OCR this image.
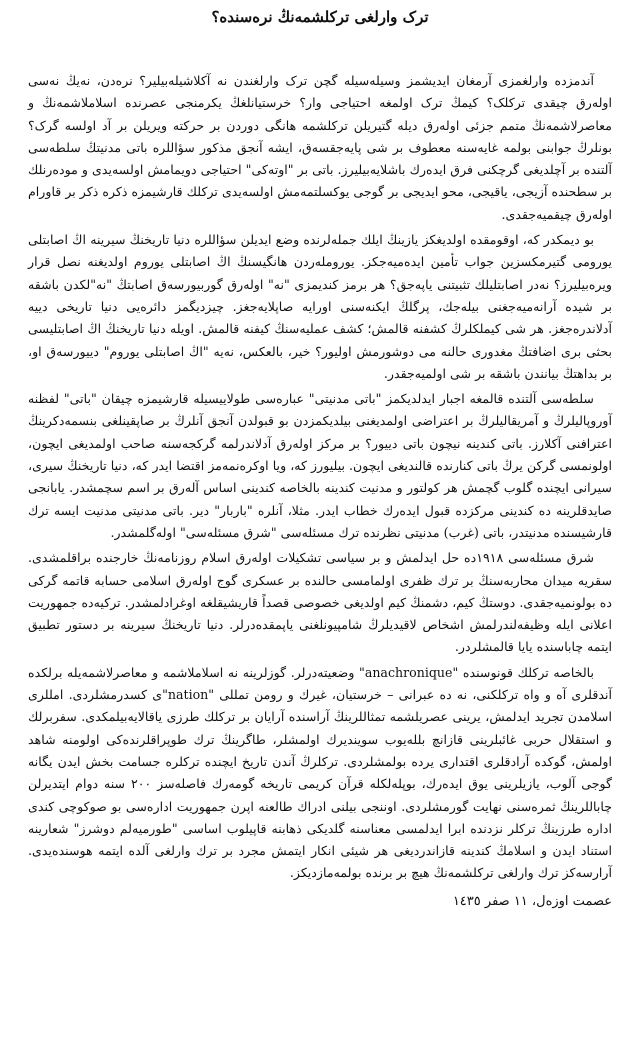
ترک وارلغی ترکلشمه‌نڭ نره‌سنده؟

آندمزده وارلغمزی آرمغان ایدیشمز وسیله‌سیله گچن ترک وارلغندن نه آکلاشیله‌بیلیر؟ نره‌دن، نه‌یڭ نه‌سی اولەرق چیقدی ترکلک؟ کیمڭ ترک اولمغه احتیاجی وار؟ خرستیانلغڭ یکرمنجی عصرنده اسلاملاشمه‌نڭ و معاصرلاشمه‌نڭ متمم جزئی اولەرق دیله گتیریلن ترکلشمه هانگی دوردن بر حرکته ویریلن بر آد اولسه گرک؟ بونلرڭ جوابنی بولمه غایه‌سنه معطوف بر شی پایه‌جقسەق، ایشه آنجق مذکور سؤاللره باتی مدنیتڭ سلطه‌سی آلتنده بر آچلدیغی گرچکنی فرق ایده‌رك باشلایه‌بیلیرز. باتی بر "اوتەکی" احتیاجی دویمامش اولسه‌یدی و موده‌رنلك بر سطحنده آزیجی، یاقیجی، محو ایدیجی بر گوجی یوکسلتمه‌مش اولسه‌یدی ترکلك قارشیمزه ذکره ذکر بر قاورام اولەرق چیقمیه‌جقدی.

بو دیمکدر که، اوقومقده اولدیغکز یازینڭ ایلك جمله‌لرنده وضع ایدیلن سؤاللره دنیا تاریخنڭ سیرینه اڭ اصابتلی یورومی گتیرمکسزین جواب تأمین ایده‌میه‌جکز. یورومله‌ردن هانگیسنڭ اڭ اصابتلی یوروم اولدیغنه نصل قرار ویره‌بیلیرز؟ نه‌در اصابتلیلك تثبیتنی یاپه‌جق؟ هر برمز کندیمزی "نه" اولەرق گوربیورسەق اصابتڭ "نه"لکدن باشقه بر شیده آرانه‌میه‌جغنی بیله‌جك، پرگلڭ ایکنه‌سنی اورایه صاپلایه‌جغز. چیزدیگمز دائره‌یی دنیا تاریخی دییه آدلاندره‌جغز. هر شی کیملکلرڭ کشفنه قالمش؛ کشف عملیه‌سنڭ کیفنه قالمش. اویله دنیا تاریخنڭ اڭ اصابتلیسی بحثی بری اضافتڭ مغدوری حالنه می دوشورمش اولیور؟ خیر، بالعکس، نه‌یه "اڭ اصابتلی یوروم" دییورسەق او، بر بداهتڭ بیانندن باشقه بر شی اولمیه‌جقدر.

سلطه‌سی آلتنده قالمغه اجبار ایدلدیکمز "باتی مدنیتی" عباره‌سی طولاییسیله قارشیمزه چیقان "باتی" لفظنه آوروپالیلرڭ و آمریقالیلرڭ بر اعتراضی اولمدیغنی بیلدیکمزدن بو قبولدن آنجق آنلرڭ بر صاپقینلغی بنسمه‌دکرینڭ اعترافنی آکلارز. باتی کندینه نیچون باتی دییور؟ بر مرکز اولەرق آدلاندرلمه گرکجه‌سنه صاحب اولمدیغی ایچون، اولونمسی گرکن یرڭ باتی کنارنده قالندیغی ایچون. بیلیورز که، ویا اوکرەنمەمز اقتضا ایدر که، دنیا تاریخنڭ سیری، سیرانی ایچنده گلوب گچمش هر کولتور و مدنیت کندینه بالخاصه کندینی اساس آلەرق بر اسم سچمشدر. یابانجی صایدقلرینه ده کندینی مرکزده قبول ایده‌رك خطاب ایدر. مثلا، آنلره "باربار" دیر. باتی مدنیتی مدنیت ایسه ترك قارشیسنده مدنیتدر، باتی (غرب) مدنیتی نظرنده ترك مسئله‌سی "شرق مسئله‌سی" اوله‌گلمشدر.

شرق مسئله‌سی ١٩١٨ده حل ایدلمش و بر سیاسی تشکیلات اولەرق اسلام روزنامه‌نڭ خارجنده براقلمشدی. سقریه میدان محاربه‌سنڭ بر ترك ظفری اولمامسی حالنده بر عسکری گوج اولەرق اسلامی حسابه قاتمه گرکی ده بولونمیه‌جقدی. دوستڭ کیم، دشمنڭ کیم اولدیغی خصوصی قصداً قاریشیقلغه اوغرادلمشدر. ترکیه‌ده جمهوریت اعلانی ایله وظیفه‌لندرلمش اشخاص لاقیدیلرڭ شامپیونلغنی یاپمقده‌درلر. دنیا تاریخنڭ سیرینه بر دستور تطبیق ایتمه چاباسنده یایا قالمشلردر.

بالخاصه ترکلك قونوسنده "anachronique" وضعیته‌درلر. گوزلرینه نه اسلاملاشمه و معاصرلاشمه‌یله برلکده آندقلری آه و واه ترکلکنی، نه ده عبرانی – خرستیان، غیرك و رومن تمللی "nation"ی کسدرمشلردی. امللری اسلامدن تجرید ایدلمش، یرینی عصریلشمه تمثاللرینڭ آراسنده آرایان بر ترکلك طرزی یاقالایه‌بیلمکدی. سفربرلك و استقلال حربی غائبلرینی قازانچ بللەیوب سویندیرك اولمشلر، طاگرینڭ ترك طوپراقلرنده‌کی اولومنه شاهد اولمش، گوکده آرادقلری اقتداری یرده بولمشلردی. ترکلرڭ آندن تاریخ ایچنده ترکلره جسامت بخش ایدن یگانه گوجی آلوب، یازیلرینی یوق ایده‌رك، بوپله‌لکله قرآن کریمی تاریخه گومه‌رك فاصله‌سز ٢٠٠ سنه دوام ایتدیرلن چاباللرینڭ ثمره‌سنی نهایت گورمشلردی. اوننجی بیلنی ادراك طالعنه اپرن جمهوریت اداره‌سی بو صوکوچی کندی اداره طرزینڭ ترکلر نزدنده ابرا ایدلمسی معناسنه گلدیکی ذهابنه قاپیلوب اساسی "طورمیه‌لم دوشرز" شعارینه استناد ایدن و اسلامڭ کندینه قازاندردیغی هر شیئی انکار ایتمش مجرد بر ترك وارلغی آلده ایتمه هوسنده‌یدی. آرارسەکز ترك وارلغی ترکلشمه‌نڭ هیچ بر برنده بولمه‌مازدیکز.

عصمت اوزەل، ١١ صفر ١٤٣٥
